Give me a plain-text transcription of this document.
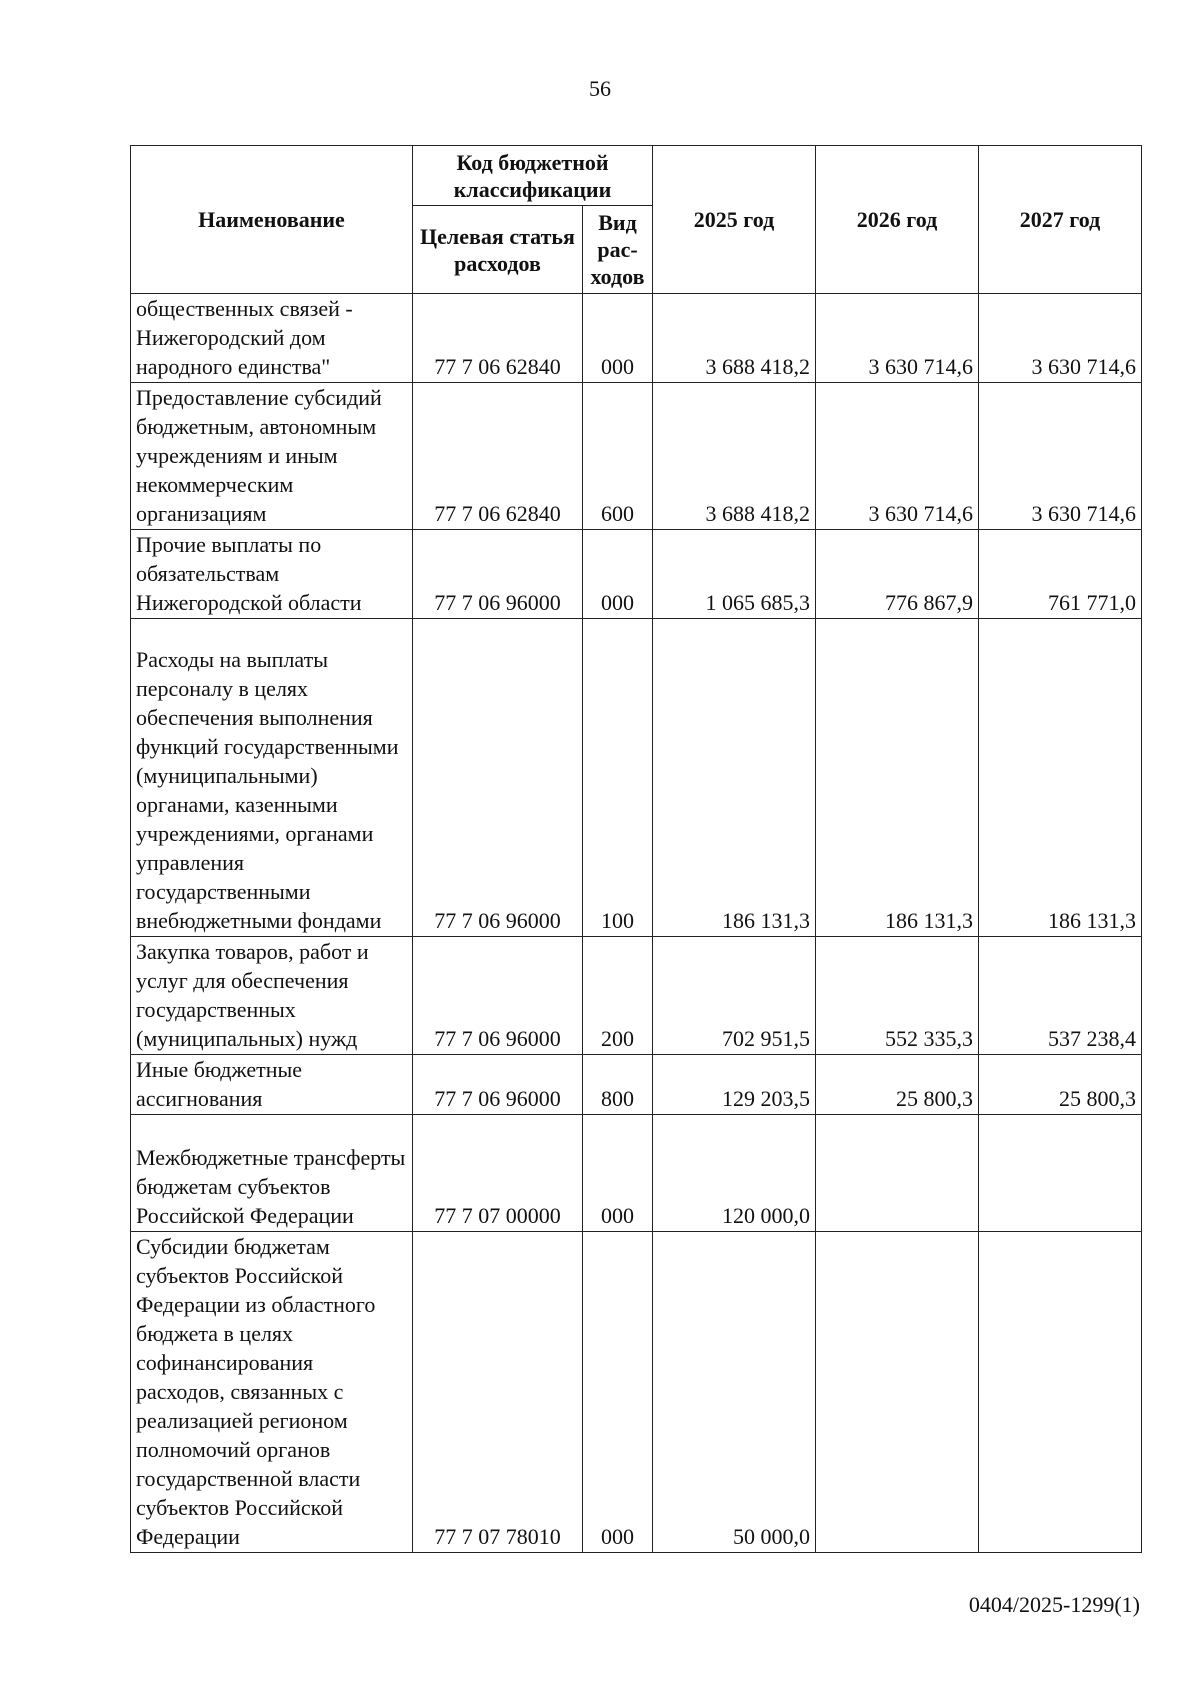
56
Наименование	Код бюджетной классификации		2025 год	2026 год	2027 год
	Целевая статья расходов	Вид рас-ходов			
общественных связей - Нижегородский дом народного единства"	77 7 06 62840	000	3 688 418,2	3 630 714,6	3 630 714,6
Предоставление субсидий бюджетным, автономным учреждениям и иным некоммерческим организациям	77 7 06 62840	600	3 688 418,2	3 630 714,6	3 630 714,6
Прочие выплаты по обязательствам Нижегородской области	77 7 06 96000	000	1 065 685,3	776 867,9	761 771,0
Расходы на выплаты персоналу в целях обеспечения выполнения функций государственными (муниципальными) органами, казенными учреждениями, органами управления государственными внебюджетными фондами	77 7 06 96000	100	186 131,3	186 131,3	186 131,3
Закупка товаров, работ и услуг для обеспечения государственных (муниципальных) нужд	77 7 06 96000	200	702 951,5	552 335,3	537 238,4
Иные бюджетные ассигнования	77 7 06 96000	800	129 203,5	25 800,3	25 800,3
Межбюджетные трансферты бюджетам субъектов Российской Федерации	77 7 07 00000	000	120 000,0		
Субсидии бюджетам субъектов Российской Федерации из областного бюджета в целях софинансирования расходов, связанных с реализацией регионом полномочий органов государственной власти субъектов Российской Федерации	77 7 07 78010	000	50 000,0		
0404/2025-1299(1)
